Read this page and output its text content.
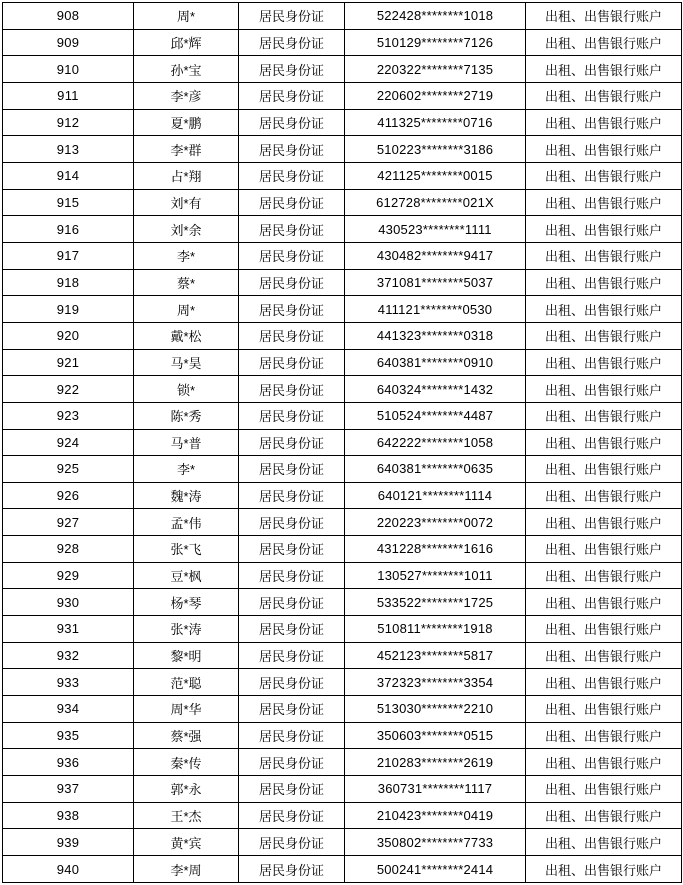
908	周*	居民身份证	522428********1018	出租、出售银行账户
909	邱*辉	居民身份证	510129********7126	出租、出售银行账户
910	孙*宝	居民身份证	220322********7135	出租、出售银行账户
911	李*彦	居民身份证	220602********2719	出租、出售银行账户
912	夏*鹏	居民身份证	411325********0716	出租、出售银行账户
913	李*群	居民身份证	510223********3186	出租、出售银行账户
914	占*翔	居民身份证	421125********0015	出租、出售银行账户
915	刘*有	居民身份证	612728********021X	出租、出售银行账户
916	刘*余	居民身份证	430523********1111	出租、出售银行账户
917	李*	居民身份证	430482********9417	出租、出售银行账户
918	蔡*	居民身份证	371081********5037	出租、出售银行账户
919	周*	居民身份证	411121********0530	出租、出售银行账户
920	戴*松	居民身份证	441323********0318	出租、出售银行账户
921	马*昊	居民身份证	640381********0910	出租、出售银行账户
922	锁*	居民身份证	640324********1432	出租、出售银行账户
923	陈*秀	居民身份证	510524********4487	出租、出售银行账户
924	马*普	居民身份证	642222********1058	出租、出售银行账户
925	李*	居民身份证	640381********0635	出租、出售银行账户
926	魏*涛	居民身份证	640121********1114	出租、出售银行账户
927	孟*伟	居民身份证	220223********0072	出租、出售银行账户
928	张*飞	居民身份证	431228********1616	出租、出售银行账户
929	豆*枫	居民身份证	130527********1011	出租、出售银行账户
930	杨*琴	居民身份证	533522********1725	出租、出售银行账户
931	张*涛	居民身份证	510811********1918	出租、出售银行账户
932	黎*明	居民身份证	452123********5817	出租、出售银行账户
933	范*聪	居民身份证	372323********3354	出租、出售银行账户
934	周*华	居民身份证	513030********2210	出租、出售银行账户
935	蔡*强	居民身份证	350603********0515	出租、出售银行账户
936	秦*传	居民身份证	210283********2619	出租、出售银行账户
937	郭*永	居民身份证	360731********1117	出租、出售银行账户
938	王*杰	居民身份证	210423********0419	出租、出售银行账户
939	黄*宾	居民身份证	350802********7733	出租、出售银行账户
940	李*周	居民身份证	500241********2414	出租、出售银行账户
